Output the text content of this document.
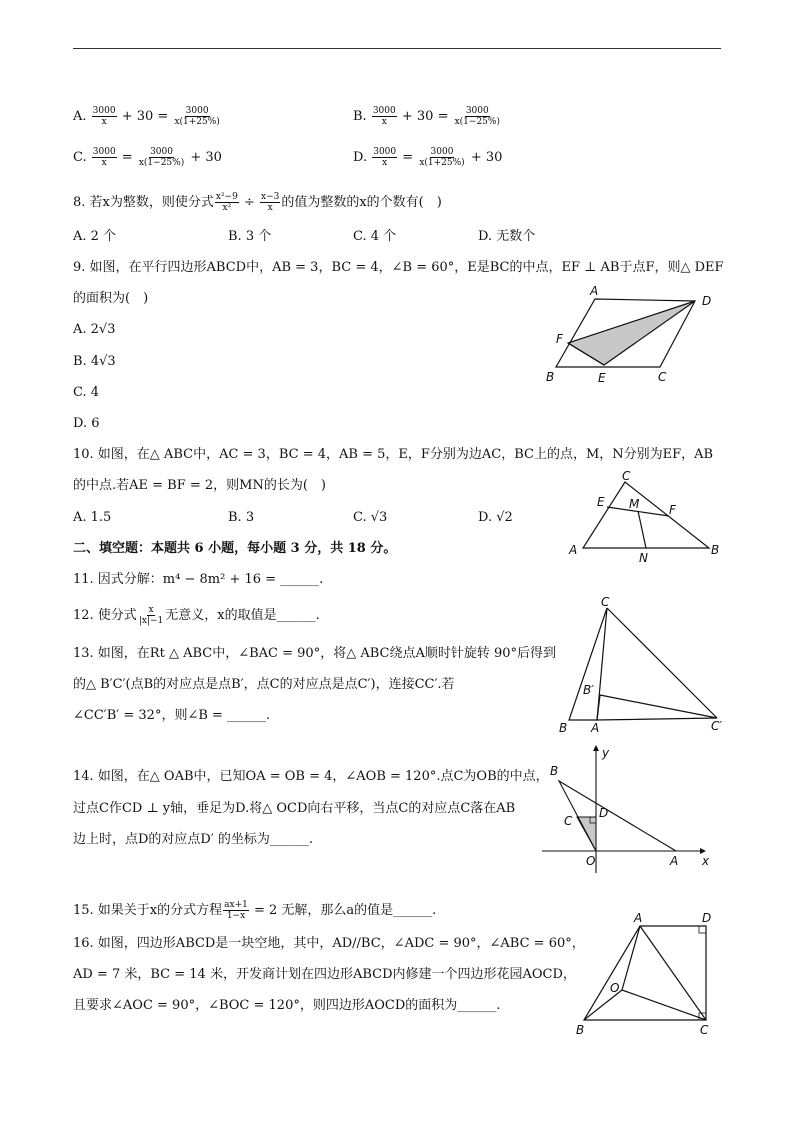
A. $\frac{3000}{x} + 30 = \frac{3000}{x(1+25\%)}$	B. $\frac{3000}{x} + 30 = \frac{3000}{x(1-25\%)}$
C. $\frac{3000}{x} = \frac{3000}{x(1-25\%)} + 30$	D. $\frac{3000}{x} = \frac{3000}{x(1+25\%)} + 30$
8. 若x为整数，则使分式 $\frac{\text{x²−9}}{\text{x²}} \div \frac{x-3}{x}$ 的值为整数的x的个数有(　)
A. 2 个	B. 3 个	C. 4 个	D. 无数个
9. 如图，在平行四边形ABCD中，AB = 3，BC = 4，∠B = 60°，E是BC的中点，EF ⊥ AB于点F，则△ DEF
的面积为(　)
A. 2√3
B. 4√3
C. 4
D. 6
A
D
F
B	E	C
10. 如图，在△ ABC中，AC = 3，BC = 4，AB = 5，E，F分别为边AC，BC上的点，M，N分别为EF，AB
的中点.若AE = BF = 2，则MN的长为(　)
A. 1.5	B. 3	C. √3	D. √2
C
E M F
A
N
B
二、填空题：本题共 6 小题，每小题 3 分，共 18 分。
11. 因式分解：m⁴ − 8m² + 16 = ______.
12. 使分式 $\frac{x}{|x|-1}$ 无意义，x的取值是______.
13. 如图，在Rt △ ABC中，∠BAC = 90°，将△ ABC绕点A顺时针旋转 90°后得到
的△ B′C′(点B的对应点是点B′，点C的对应点是点C′)，连接CC′.若
∠CC′B′ = 32°，则∠B = ______.
C
B′
B A	C′
14. 如图，在△ OAB中，已知OA = OB = 4，∠AOB = 120°.点C为OB的中点，
过点C作CD ⊥ y轴，垂足为D.将△ OCD向右平移，当点C的对应点C落在AB
边上时，点D的对应点D′ 的坐标为______.
B
y
C
D
O	A x
15. 如果关于x的分式方程 $\frac{ax+1}{1-x} = 2$ 无解，那么a的值是______.
16. 如图，四边形ABCD是一块空地，其中，AD//BC，∠ADC = 90°，∠ABC = 60°，
AD = 7 米，BC = 14 米，开发商计划在四边形ABCD内修建一个四边形花园AOCD，
且要求∠AOC = 90°，∠BOC = 120°，则四边形AOCD的面积为______.
A	D
O
B	C
